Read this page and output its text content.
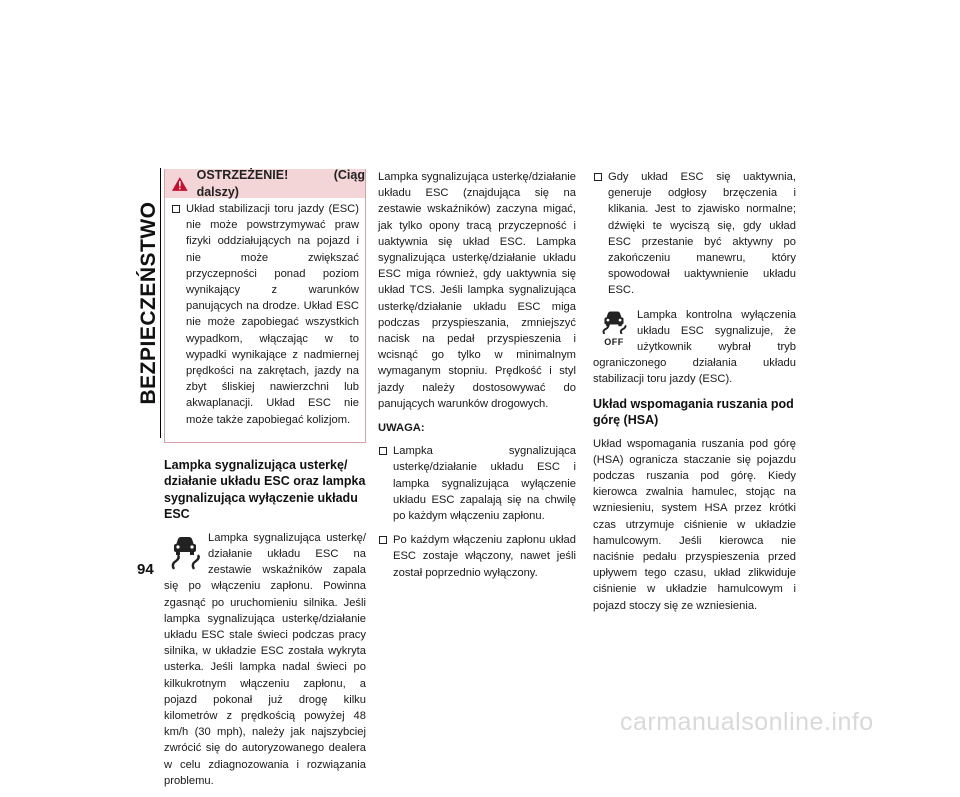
BEZPIECZEŃSTWO
94
OSTRZEŻENIE! (Ciąg dalszy)
Układ stabilizacji toru jazdy (ESC) nie może powstrzymywać praw fizyki oddziałujących na pojazd i nie może zwiększać przyczepności ponad poziom wynikający z warunków panujących na drodze. Układ ESC nie może zapobiegać wszystkich wypadkom, włączając w to wypadki wynikające z nadmiernej prędkości na zakrętach, jazdy na zbyt śliskiej nawierzchni lub akwaplanacji. Układ ESC nie może także zapobiegać kolizjom.
Lampka sygnalizująca usterkę/ działanie układu ESC oraz lampka sygnalizująca wyłączenie układu ESC
Lampka sygnalizująca usterkę/ działanie układu ESC na zestawie wskaźników zapala się po włączeniu zapłonu. Powinna zgasnąć po uruchomieniu silnika. Jeśli lampka sygnalizująca usterkę/działanie układu ESC stale świeci podczas pracy silnika, w układzie ESC została wykryta usterka. Jeśli lampka nadal świeci po kilkukrotnym włączeniu zapłonu, a pojazd pokonał już drogę kilku kilometrów z prędkością powyżej 48 km/h (30 mph), należy jak najszybciej zwrócić się do autoryzowanego dealera w celu zdiagnozowania i rozwiązania problemu.

Lampka sygnalizująca usterkę/działanie układu ESC (znajdująca się na zestawie wskaźników) zaczyna migać, jak tylko opony tracą przyczepność i uaktywnia się układ ESC. Lampka sygnalizująca usterkę/działanie układu ESC miga również, gdy uaktywnia się układ TCS. Jeśli lampka sygnalizująca usterkę/działanie układu ESC miga podczas przyspieszania, zmniejszyć nacisk na pedał przyspieszenia i wcisnąć go tylko w minimalnym wymaganym stopniu. Prędkość i styl jazdy należy dostosowywać do panujących warunków drogowych.

UWAGA:
Lampka sygnalizująca usterkę/działanie układu ESC i lampka sygnalizująca wyłączenie układu ESC zapalają się na chwilę po każdym włączeniu zapłonu.
Po każdym włączeniu zapłonu układ ESC zostaje włączony, nawet jeśli został poprzednio wyłączony.
Gdy układ ESC się uaktywnia, generuje odgłosy brzęczenia i klikania. Jest to zjawisko normalne; dźwięki te wyciszą się, gdy układ ESC przestanie być aktywny po zakończeniu manewru, który spowodował uaktywnienie układu ESC.
OFF
Lampka kontrolna wyłączenia układu ESC sygnalizuje, że użytkownik wybrał tryb ograniczonego działania układu stabilizacji toru jazdy (ESC).
Układ wspomagania ruszania pod górę (HSA)

Układ wspomagania ruszania pod górę (HSA) ogranicza staczanie się pojazdu podczas ruszania pod górę. Kiedy kierowca zwalnia hamulec, stojąc na wzniesieniu, system HSA przez krótki czas utrzymuje ciśnienie w układzie hamulcowym. Jeśli kierowca nie naciśnie pedału przyspieszenia przed upływem tego czasu, układ zlikwiduje ciśnienie w układzie hamulcowym i pojazd stoczy się ze wzniesienia.

carmanualsonline.info
